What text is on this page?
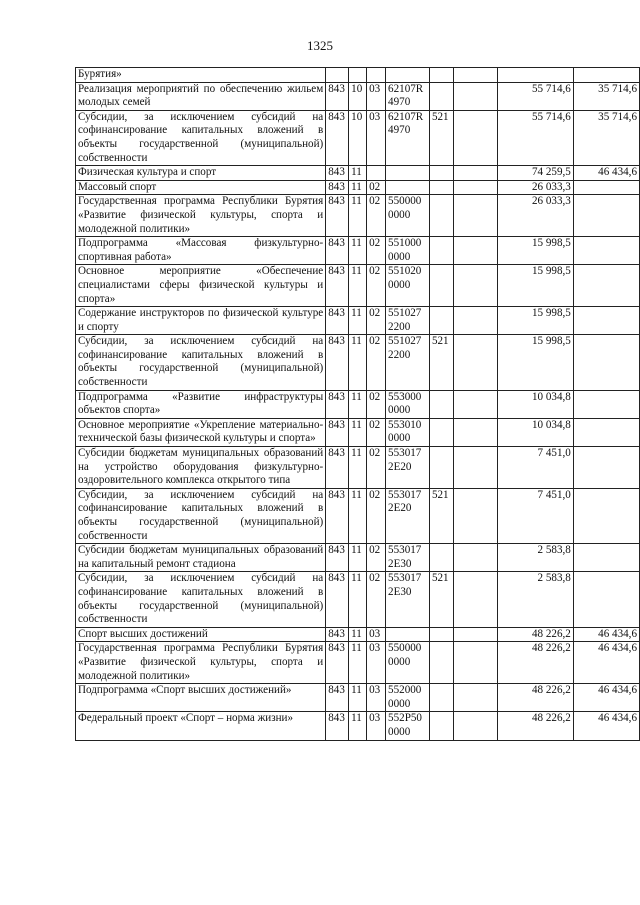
1325
Бурятия»								
Реализация мероприятий по обеспечению жильем молодых семей	843	10	03	62107R 4970			55 714,6	35 714,6
Субсидии, за исключением субсидий на софинансирование капитальных вложений в объекты государственной (муниципальной) собственности	843	10	03	62107R 4970	521		55 714,6	35 714,6
Физическая культура и спорт	843	11					74 259,5	46 434,6
Массовый спорт	843	11	02				26 033,3	
Государственная программа Республики Бурятия «Развитие физической культуры, спорта и молодежной политики»	843	11	02	550000 0000			26 033,3	
Подпрограмма «Массовая физкультурно-спортивная работа»	843	11	02	551000 0000			15 998,5	
Основное мероприятие «Обеспечение специалистами сферы физической культуры и спорта»	843	11	02	551020 0000			15 998,5	
Содержание инструкторов по физической культуре и спорту	843	11	02	551027 2200			15 998,5	
Субсидии, за исключением субсидий на софинансирование капитальных вложений в объекты государственной (муниципальной) собственности	843	11	02	551027 2200	521		15 998,5	
Подпрограмма «Развитие инфраструктуры объектов спорта»	843	11	02	553000 0000			10 034,8	
Основное мероприятие «Укрепление материально-технической базы физической культуры и спорта»	843	11	02	553010 0000			10 034,8	
Субсидии бюджетам муниципальных образований на устройство оборудования физкультурно-оздоровительного комплекса открытого типа	843	11	02	553017 2Е20			7 451,0	
Субсидии, за исключением субсидий на софинансирование капитальных вложений в объекты государственной (муниципальной) собственности	843	11	02	553017 2Е20	521		7 451,0	
Субсидии бюджетам муниципальных образований на капитальный ремонт стадиона	843	11	02	553017 2Е30			2 583,8	
Субсидии, за исключением субсидий на софинансирование капитальных вложений в объекты государственной (муниципальной) собственности	843	11	02	553017 2Е30	521		2 583,8	
Спорт высших достижений	843	11	03				48 226,2	46 434,6
Государственная программа Республики Бурятия «Развитие физической культуры, спорта и молодежной политики»	843	11	03	550000 0000			48 226,2	46 434,6
Подпрограмма «Спорт высших достижений»	843	11	03	552000 0000			48 226,2	46 434,6
Федеральный проект «Спорт – норма жизни»	843	11	03	552Р50 0000			48 226,2	46 434,6
